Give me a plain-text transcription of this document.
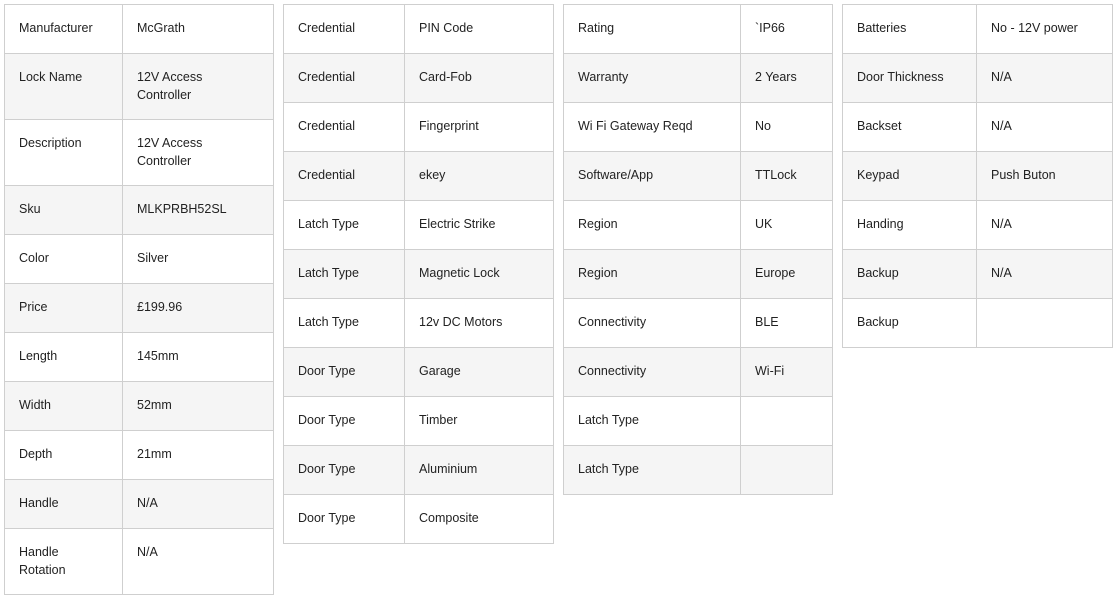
Manufacturer	McGrath
Lock Name	12V Access Controller
Description	12V Access Controller
Sku	MLKPRBH52SL
Color	Silver
Price	£199.96
Length	145mm
Width	52mm
Depth	21mm
Handle	N/A
Handle Rotation	N/A
Credential	PIN Code
Credential	Card-Fob
Credential	Fingerprint
Credential	ekey
Latch Type	Electric Strike
Latch Type	Magnetic Lock
Latch Type	12v DC Motors
Door Type	Garage
Door Type	Timber
Door Type	Aluminium
Door Type	Composite
Rating	`IP66
Warranty	2 Years
Wi Fi Gateway Reqd	No
Software/App	TTLock
Region	UK
Region	Europe
Connectivity	BLE
Connectivity	Wi-Fi
Latch Type	
Latch Type	
Batteries	No - 12V power
Door Thickness	N/A
Backset	N/A
Keypad	Push Buton
Handing	N/A
Backup	N/A
Backup	
